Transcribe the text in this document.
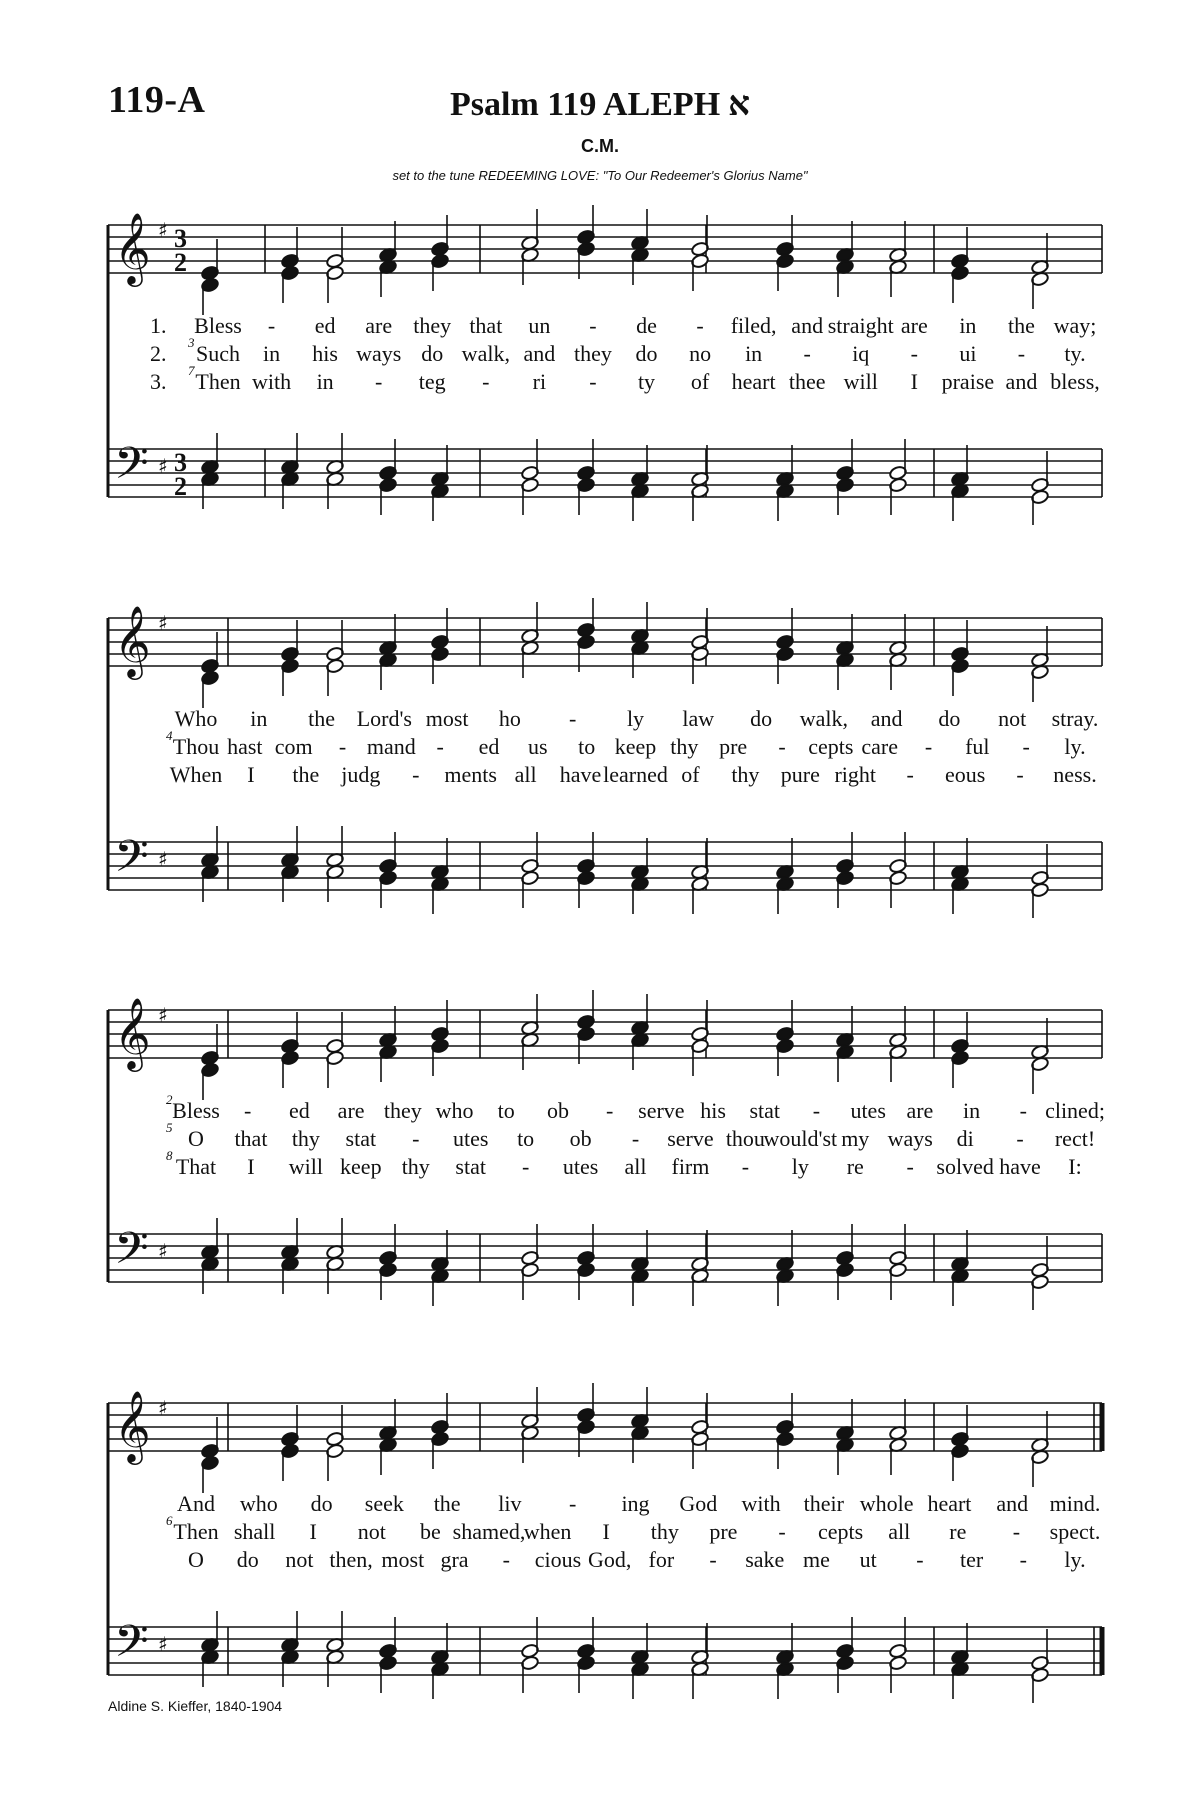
119-A	Psalm 119 ALEPH א
C.M.
set to the tune REDEEMING LOVE: "To Our Redeemer's Glorius Name"
𝄞
𝄢
♯
♯
3
2
3
2
1. Bless - ed are they that un - de - filed, and straight are in the way;
2. 3 Such in his ways do walk, and they do no in - iq - ui - ty.
3. 7 Then with in - teg - ri - ty of heart thee will I praise and bless,
𝄞
𝄢
♯
♯
Who in the Lord's most ho - ly law do walk, and do not stray.
4 Thou hast com - mand - ed us to keep thy pre - cepts care - ful - ly.
When I the judg - ments all have learned of thy pure right - eous - ness.
𝄞
𝄢
♯
♯
2 Bless - ed are they who to ob - serve his stat - utes are in - clined;
5 O that thy stat - utes to ob - serve thou
would'st my ways di - rect!
8 That I will keep thy stat - utes all firm - ly re - solved have I:
𝄞
𝄢
♯
♯
And who do seek the liv - ing God with their whole heart and mind.
6 Then shall I not be shamed,
when I thy pre - cepts all re - spect.
O do not then, most gra - cious God, for - sake me ut - ter - ly.
Aldine S. Kieffer, 1840-1904
